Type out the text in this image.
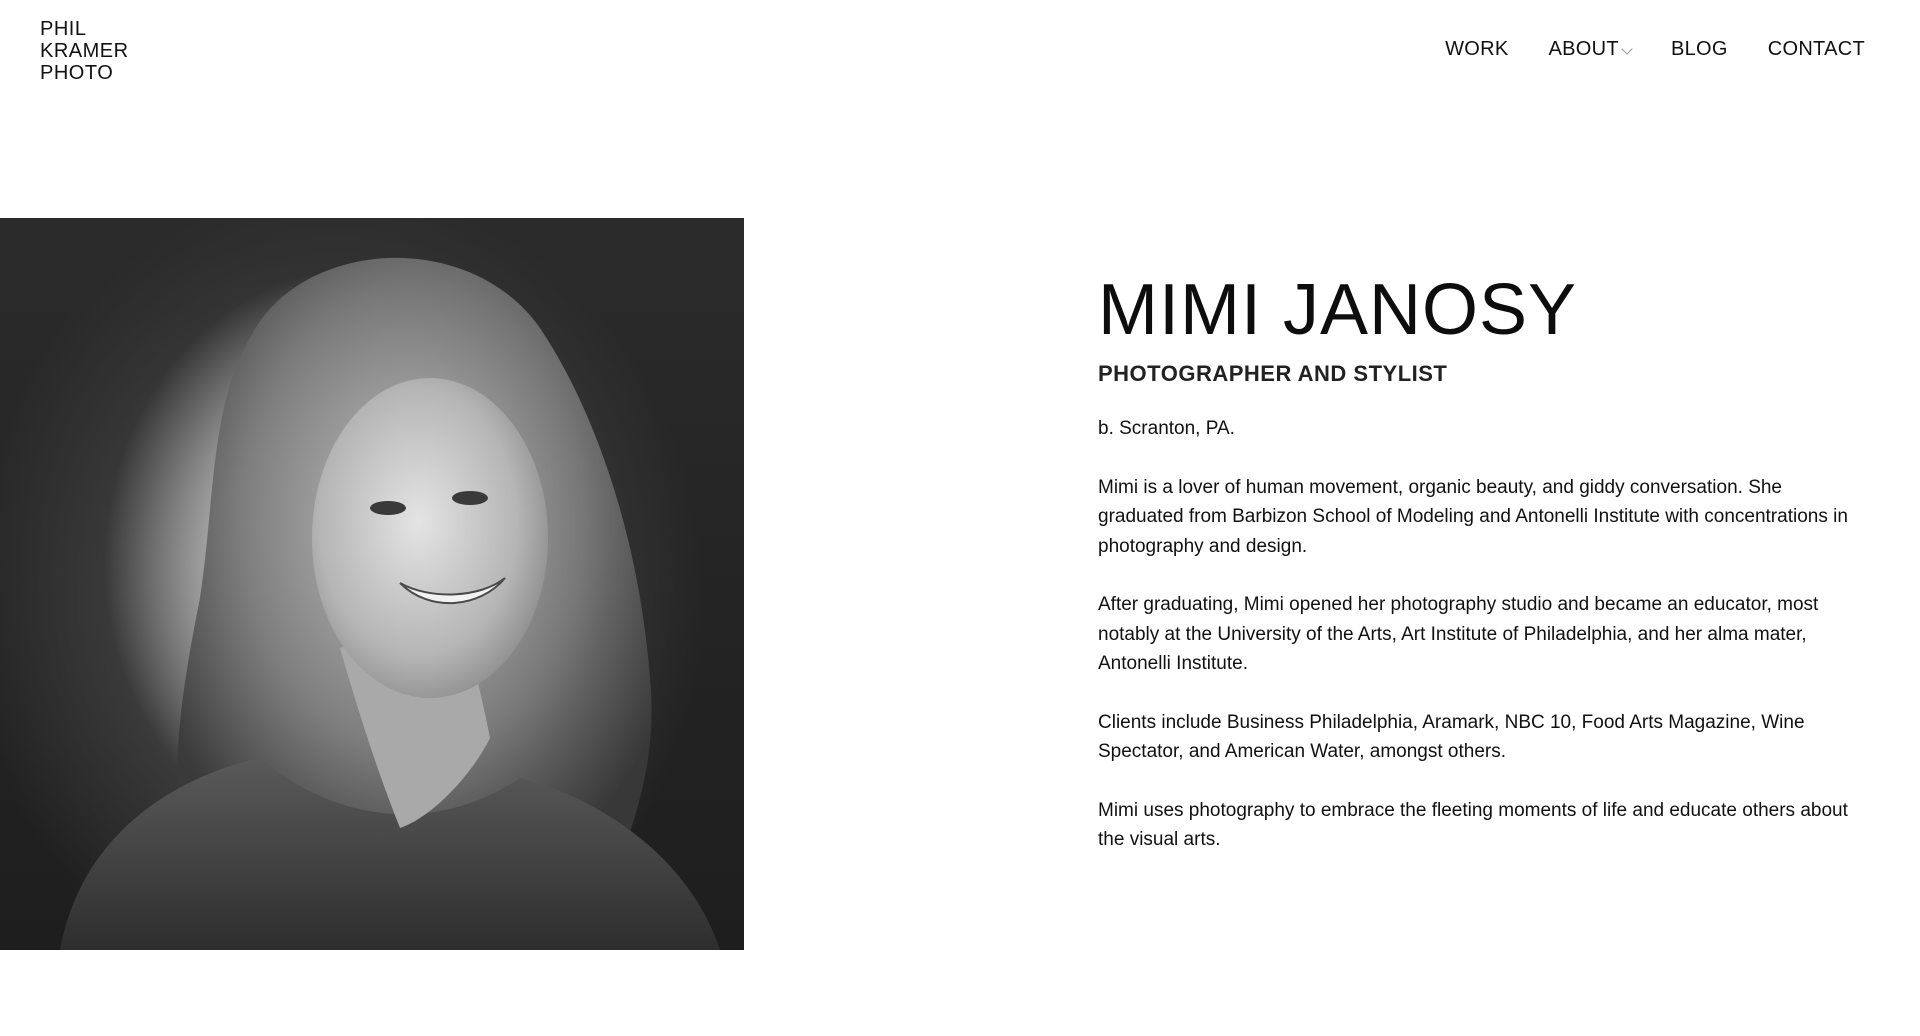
PHIL
KRAMER
PHOTO
WORK ABOUT	BLOG CONTACT
MIMI JANOSY
PHOTOGRAPHER AND STYLIST

b. Scranton, PA.

Mimi is a lover of human movement, organic beauty, and giddy conversation. She graduated from Barbizon School of Modeling and Antonelli Institute with concentrations in photography and design.

After graduating, Mimi opened her photography studio and became an educator, most notably at the University of the Arts, Art Institute of Philadelphia, and her alma mater, Antonelli Institute.

Clients include Business Philadelphia, Aramark, NBC 10, Food Arts Magazine, Wine Spectator, and American Water, amongst others.

Mimi uses photography to embrace the fleeting moments of life and educate others about the visual arts.
